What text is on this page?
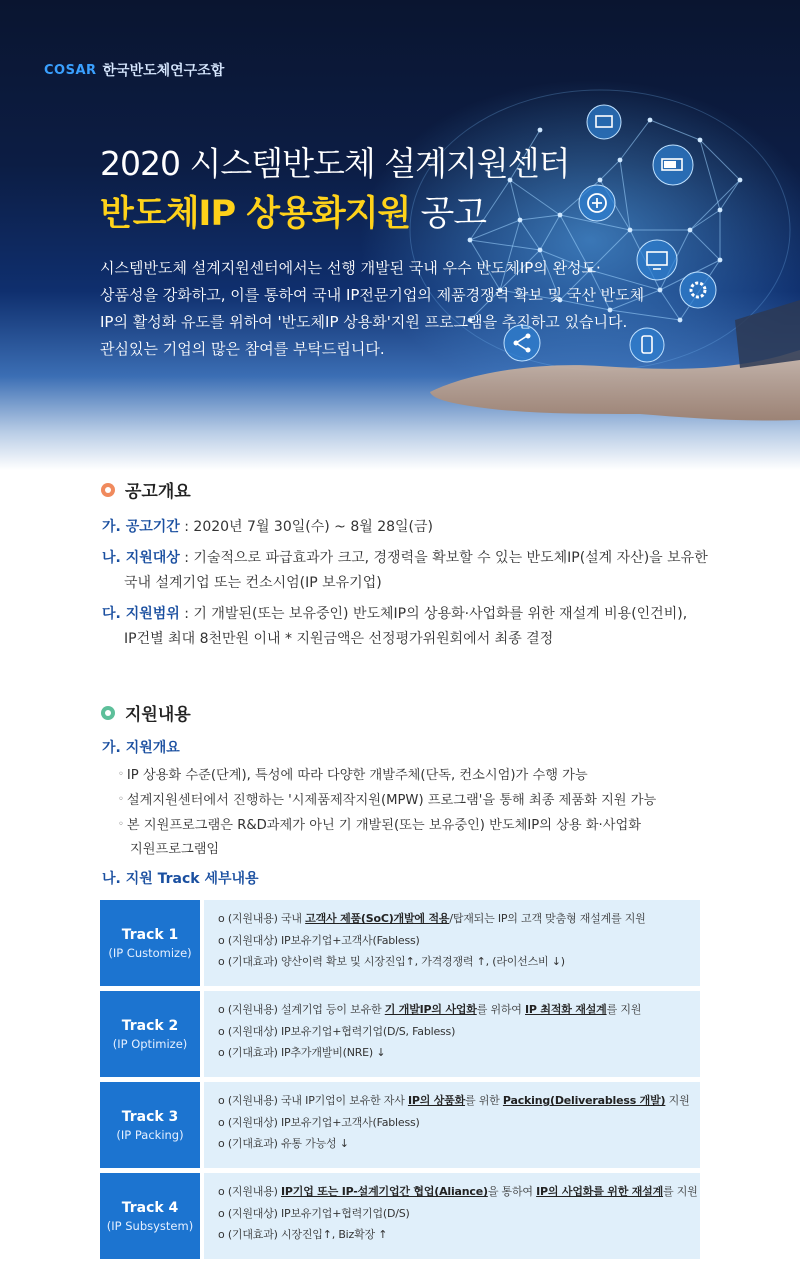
COSAR 한국반도체연구조합
2020 시스템반도체 설계지원센터
반도체IP 상용화지원 공고

시스템반도체 설계지원센터에서는 선행 개발된 국내 우수 반도체IP의 완성도·

상품성을 강화하고, 이를 통하여 국내 IP전문기업의 제품경쟁력 확보 및 국산 반도체

IP의 활성화 유도를 위하여 '반도체IP 상용화'지원 프로그램을 추진하고 있습니다.

관심있는 기업의 많은 참여를 부탁드립니다.

공고개요
가. 공고기간 : 2020년 7월 30일(수) ~ 8월 28일(금)
나. 지원대상 : 기술적으로 파급효과가 크고, 경쟁력을 확보할 수 있는 반도체IP(설계 자산)을 보유한
국내 설계기업 또는 컨소시엄(IP 보유기업)
다. 지원범위 : 기 개발된(또는 보유중인) 반도체IP의 상용화·사업화를 위한 재설계 비용(인건비),
IP건별 최대 8천만원 이내 * 지원금액은 선정평가위원회에서 최종 결정
지원내용
가. 지원개요
◦ IP 상용화 수준(단계), 특성에 따라 다양한 개발주체(단독, 컨소시엄)가 수행 가능
◦ 설계지원센터에서 진행하는 '시제품제작지원(MPW) 프로그램'을 통해 최종 제품화 지원 가능
◦ 본 지원프로그램은 R&D과제가 아닌 기 개발된(또는 보유중인) 반도체IP의 상용 화·사업화
지원프로그램임
나. 지원 Track 세부내용
Track 1
(IP Customize)
o (지원내용) 국내 고객사 제품(SoC)개발에 적용/탑재되는 IP의 고객 맞춤형 재설계를 지원
o (지원대상) IP보유기업+고객사(Fabless)
o (기대효과) 양산이력 확보 및 시장진입↑, 가격경쟁력 ↑, (라이선스비 ↓)
Track 2
(IP Optimize)
o (지원내용) 설계기업 등이 보유한 기 개발IP의 사업화를 위하여 IP 최적화 재설계를 지원
o (지원대상) IP보유기업+협력기업(D/S, Fabless)
o (기대효과) IP추가개발비(NRE) ↓
Track 3
(IP Packing)
o (지원내용) 국내 IP기업이 보유한 자사 IP의 상품화를 위한 Packing(Deliverabless 개발) 지원
o (지원대상) IP보유기업+고객사(Fabless)
o (기대효과) 유통 가능성 ↓
Track 4
(IP Subsystem)
o (지원내용) IP기업 또는 IP-설계기업간 협업(Aliance)을 통하여 IP의 사업화를 위한 재설계를 지원
o (지원대상) IP보유기업+협력기업(D/S)
o (기대효과) 시장진입↑, Biz확장 ↑
